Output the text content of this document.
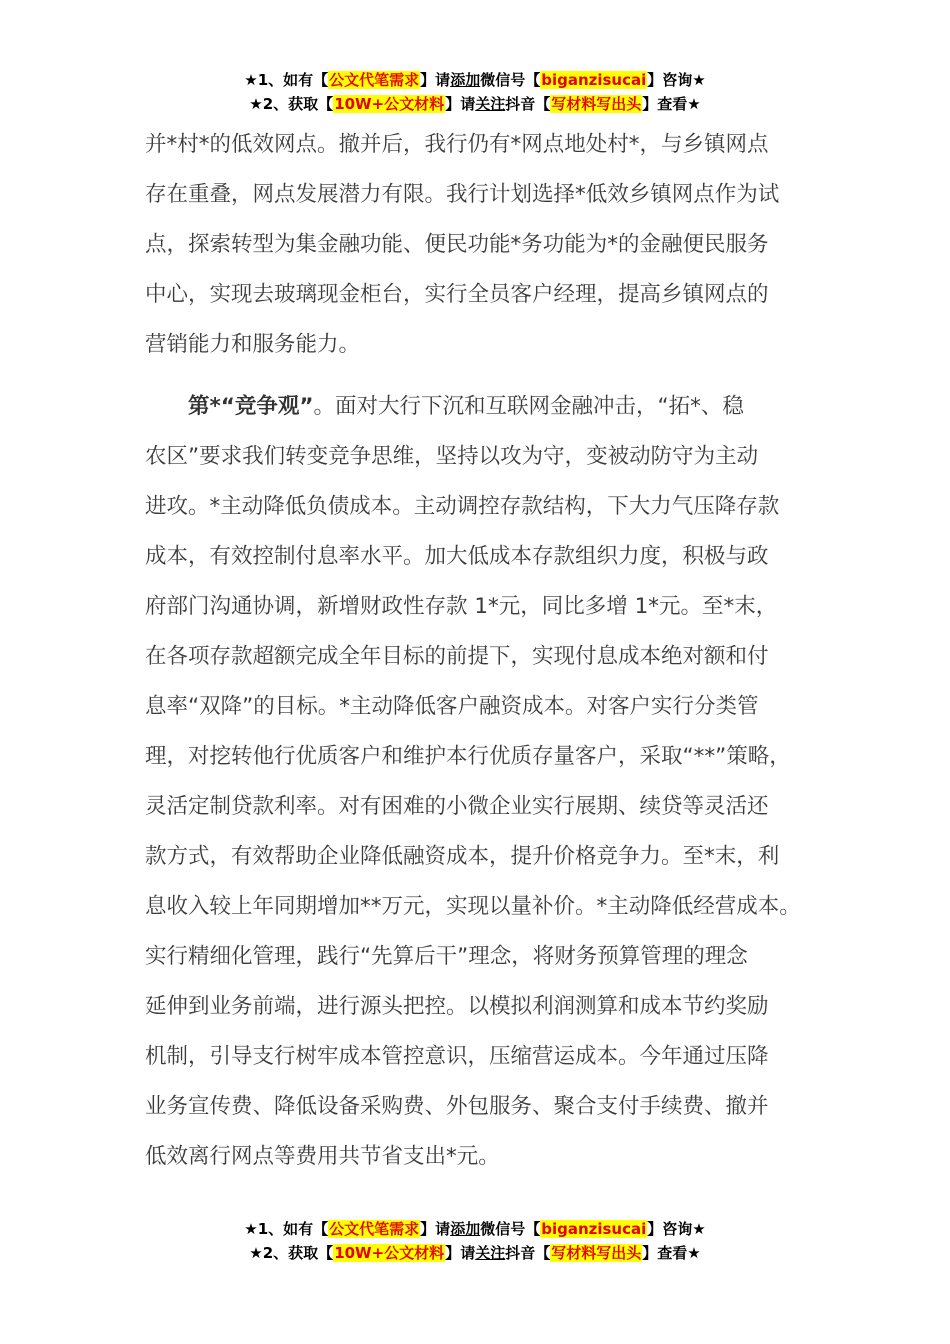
★1、如有【公文代笔需求】请添加微信号【biganzisucai】咨询★
★2、获取【10W+公文材料】请关注抖音【写材料写出头】查看★
并*村*的低效网点。撤并后，我行仍有*网点地处村*，与乡镇网点
存在重叠，网点发展潜力有限。我行计划选择*低效乡镇网点作为试
点，探索转型为集金融功能、便民功能*务功能为*的金融便民服务
中心，实现去玻璃现金柜台，实行全员客户经理，提高乡镇网点的
营销能力和服务能力。
第*“竞争观”。面对大行下沉和互联网金融冲击，“拓*、稳
农区”要求我们转变竞争思维，坚持以攻为守，变被动防守为主动
进攻。*主动降低负债成本。主动调控存款结构，下大力气压降存款
成本，有效控制付息率水平。加大低成本存款组织力度，积极与政
府部门沟通协调，新增财政性存款 1*元，同比多增 1*元。至*末，
在各项存款超额完成全年目标的前提下，实现付息成本绝对额和付
息率“双降”的目标。*主动降低客户融资成本。对客户实行分类管
理，对挖转他行优质客户和维护本行优质存量客户，采取“**”策略，
灵活定制贷款利率。对有困难的小微企业实行展期、续贷等灵活还
款方式，有效帮助企业降低融资成本，提升价格竞争力。至*末，利
息收入较上年同期增加**万元，实现以量补价。*主动降低经营成本。
实行精细化管理，践行“先算后干”理念，将财务预算管理的理念
延伸到业务前端，进行源头把控。以模拟利润测算和成本节约奖励
机制，引导支行树牢成本管控意识，压缩营运成本。今年通过压降
业务宣传费、降低设备采购费、外包服务、聚合支付手续费、撤并
低效离行网点等费用共节省支出*元。
★1、如有【公文代笔需求】请添加微信号【biganzisucai】咨询★
★2、获取【10W+公文材料】请关注抖音【写材料写出头】查看★
